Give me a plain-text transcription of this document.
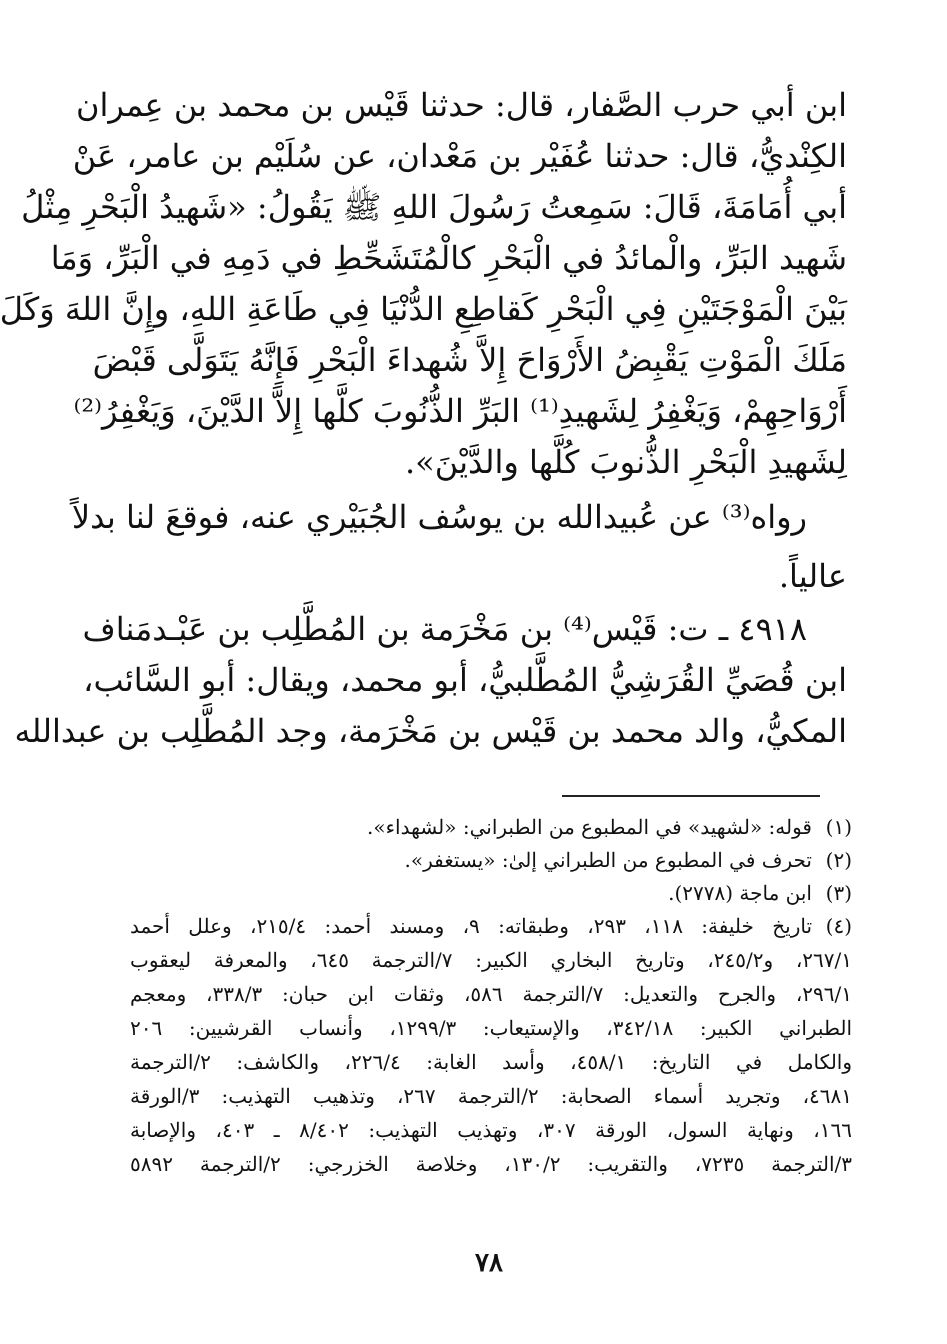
ابن أبي حرب الصَّفار، قال: حدثنا قَيْس بن محمد بن عِمران
الكِنْديُّ، قال: حدثنا عُفَيْر بن مَعْدان، عن سُلَيْم بن عامر، عَنْ
أبي أُمَامَةَ، قَالَ: سَمِعتُ رَسُولَ اللهِ ﷺ يَقُولُ: «شَهيدُ الْبَحْرِ مِثْلُ
شَهيد البَرِّ، والْمائدُ في الْبَحْرِ كالْمُتَشَحِّطِ في دَمِهِ في الْبَرِّ، وَمَا
بَيْنَ الْمَوْجَتَيْنِ فِي الْبَحْرِ كَقاطِعِ الدُّنْيَا فِي طَاعَةِ اللهِ، وإِنَّ اللهَ وَكَلَ
مَلَكَ الْمَوْتِ يَقْبِضُ الأَرْوَاحَ إِلاَّ شُهداءَ الْبَحْرِ فَإِنَّهُ يَتَوَلَّى قَبْضَ
أَرْوَاحِهِمْ، وَيَغْفِرُ لِشَهيدِ⁽¹⁾ البَرِّ الذُّنُوبَ كلَّها إِلاَّ الدَّيْنَ، وَيَغْفِرُ⁽²⁾
لِشَهيدِ الْبَحْرِ الذُّنوبَ كُلَّها والدَّيْنَ».
رواه⁽³⁾ عن عُبيدالله بن يوسُف الجُبَيْري عنه، فوقعَ لنا بدلاً
عالياً.
٤٩١٨ ـ ت: قَيْس⁽⁴⁾ بن مَخْرَمة بن المُطَّلِب بن عَبْـدمَناف
ابن قُصَيِّ القُرَشِيُّ المُطَّلبيُّ، أبو محمد، ويقال: أبو السَّائب،
المكيُّ، والد محمد بن قَيْس بن مَخْرَمة، وجد المُطَّلِب بن عبدالله
(١)
قوله: «لشهيد» في المطبوع من الطبراني: «لشهداء».
(٢)
تحرف في المطبوع من الطبراني إلىٰ: «يستغفر».
(٣)
ابن ماجة (٢٧٧٨).
(٤)
تاريخ خليفة: ١١٨، ٢٩٣، وطبقاته: ٩، ومسند أحمد: ٢١٥/٤، وعلل أحمد
٢٦٧/١، و٢٤٥/٢، وتاريخ البخاري الكبير: ٧/الترجمة ٦٤٥، والمعرفة ليعقوب
٢٩٦/١، والجرح والتعديل: ٧/الترجمة ٥٨٦، وثقات ابن حبان: ٣٣٨/٣، ومعجم
الطبراني الكبير: ٣٤٢/١٨، والإستيعاب: ١٢٩٩/٣، وأنساب القرشيين: ٢٠٦
والكامل في التاريخ: ٤٥٨/١، وأسد الغابة: ٢٢٦/٤، والكاشف: ٢/الترجمة
٤٦٨١، وتجريد أسماء الصحابة: ٢/الترجمة ٢٦٧، وتذهيب التهذيب: ٣/الورقة
١٦٦، ونهاية السول، الورقة ٣٠٧، وتهذيب التهذيب: ٨/٤٠٢ ـ ٤٠٣، والإصابة
٣/الترجمة ٧٢٣٥، والتقريب: ١٣٠/٢، وخلاصة الخزرجي: ٢/الترجمة ٥٨٩٢
٧٨
